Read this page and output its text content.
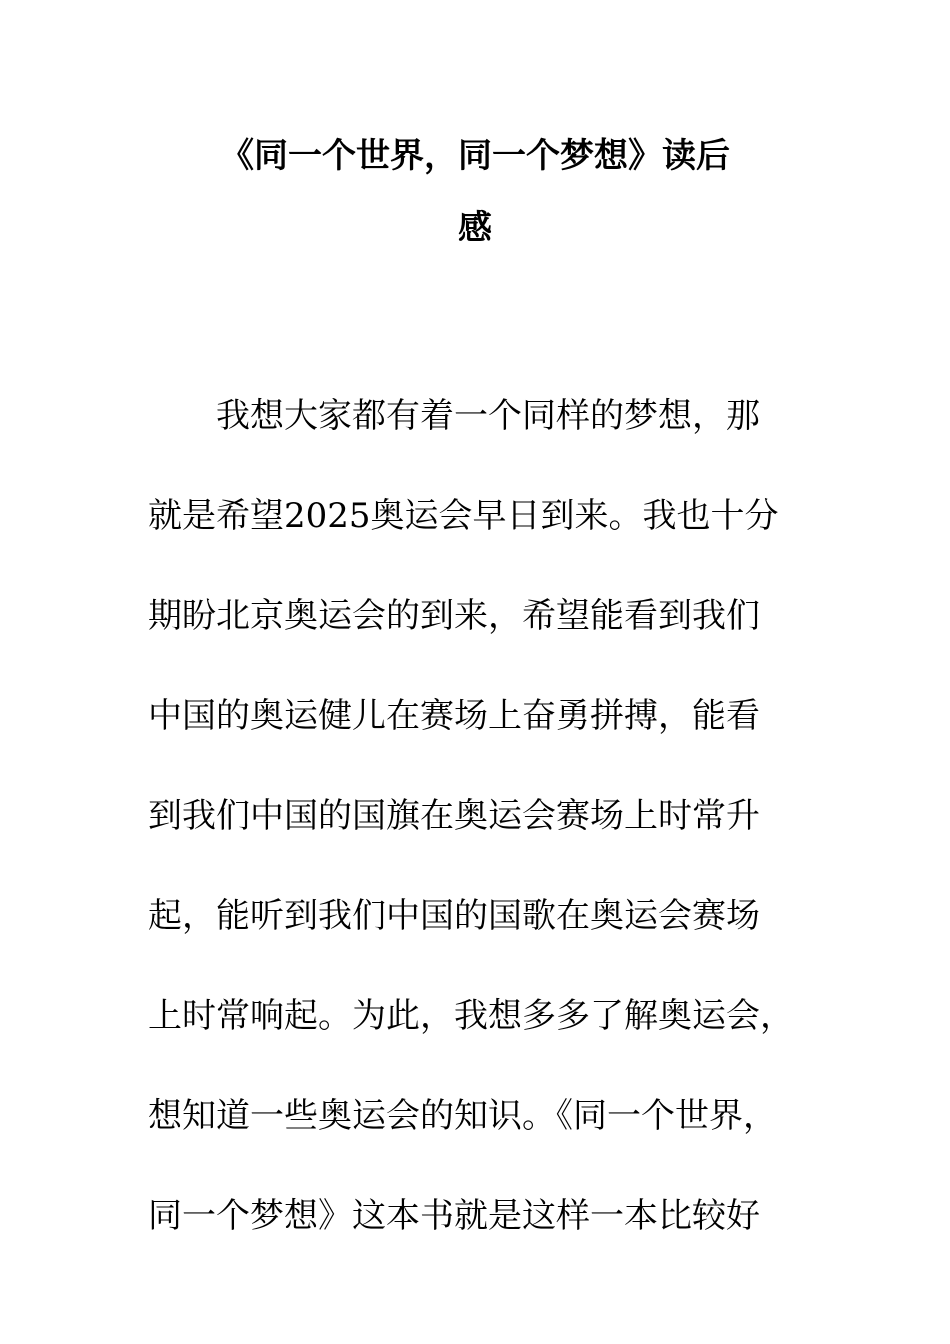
《同一个世界，同一个梦想》读后
感
我想大家都有着一个同样的梦想，那
就是希望2025奥运会早日到来。我也十分
期盼北京奥运会的到来，希望能看到我们
中国的奥运健儿在赛场上奋勇拼搏，能看
到我们中国的国旗在奥运会赛场上时常升
起，能听到我们中国的国歌在奥运会赛场
上时常响起。为此，我想多多了解奥运会，
想知道一些奥运会的知识。《同一个世界，
同一个梦想》这本书就是这样一本比较好
